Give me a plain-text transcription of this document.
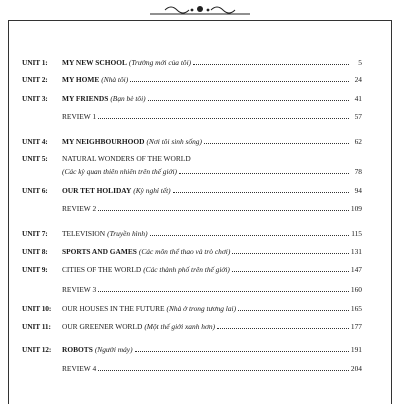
UNIT 1:	MY NEW SCHOOL (Trường mới của tôi)	5
UNIT 2:	MY HOME (Nhà tôi)	24
UNIT 3:	MY FRIENDS (Bạn bè tôi)	41
REVIEW 1	57
UNIT 4:	MY NEIGHBOURHOOD (Nơi tôi sinh sống)	62
UNIT 5:	NATURAL WONDERS OF THE WORLD
(Các kỳ quan thiên nhiên trên thế giới)	78
UNIT 6:	OUR TET HOLIDAY (Kỳ nghỉ tết)	94
REVIEW 2	109
UNIT 7:	TELEVISION (Truyền hình)	115
UNIT 8:	SPORTS AND GAMES (Các môn thể thao và trò chơi)	131
UNIT 9:	CITIES OF THE WORLD (Các thành phố trên thế giới)	147
REVIEW 3	160
UNIT 10:	OUR HOUSES IN THE FUTURE (Nhà ở trong tương lai)	165
UNIT 11:	OUR GREENER WORLD (Một thế giới xanh hơn)	177
UNIT 12:	ROBOTS (Người máy)	191
REVIEW 4	204
